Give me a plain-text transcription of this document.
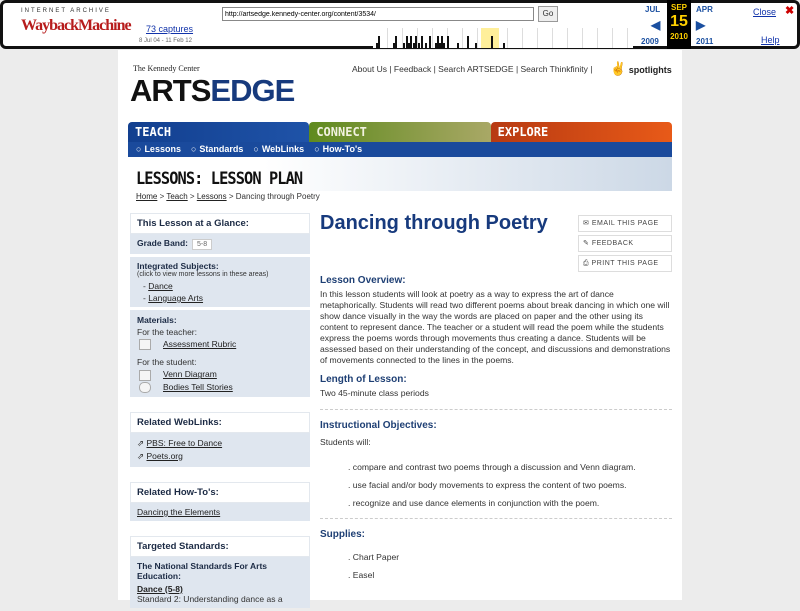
INTERNET ARCHIVE
WaybackMachine 73 captures
8 Jul 04 - 11 Feb 12
http://artsedge.kennedy-center.org/content/3534/
Go	JUL
◀
2009
SEP
15
2010
APR
▶
2011
Close ✖
Help
The Kennedy Center
ARTSEDGE
About Us | Feedback | Search ARTSEDGE | Search Thinkfinity | ✌ spotlights
TEACH	CONNECT	EXPLORE
○ Lessons	○ Standards	○ WebLinks	○ How-To's
LESSONS: LESSON PLAN
Home > Teach > Lessons > Dancing through Poetry
This Lesson at a Glance:
Grade Band: 5-8
Integrated Subjects:
(click to view more lessons in these areas)
- Dance
- Language Arts
Materials:
For the teacher:
Assessment Rubric
For the student:
Venn Diagram
Bodies Tell Stories
Related WebLinks:
⇗ PBS: Free to Dance
⇗ Poets.org
Related How-To's:
Dancing the Elements
Targeted Standards:
The National Standards For Arts Education:
Dance (5-8)
Standard 2: Understanding dance as a
✉ EMAIL THIS PAGE
✎ FEEDBACK
⎙ PRINT THIS PAGE
Dancing through Poetry
Lesson Overview:
In this lesson students will look at poetry as a way to express the art of dance metaphorically. Students will read two different poems about break dancing in which one will show dance visually in the way the words are placed on paper and the other using its content to represent dance. The teacher or a student will read the poem while the students express the poems words through movements thus creating a dance. Students will be assessed based on their understanding of the concept, and discussions and demonstrations of movements connected to the lines in the poems.
Length of Lesson:
Two 45-minute class periods
Instructional Objectives:
Students will:
. compare and contrast two poems through a discussion and Venn diagram.
. use facial and/or body movements to express the content of two poems.
. recognize and use dance elements in conjunction with the poem.
Supplies:
. Chart Paper
. Easel
